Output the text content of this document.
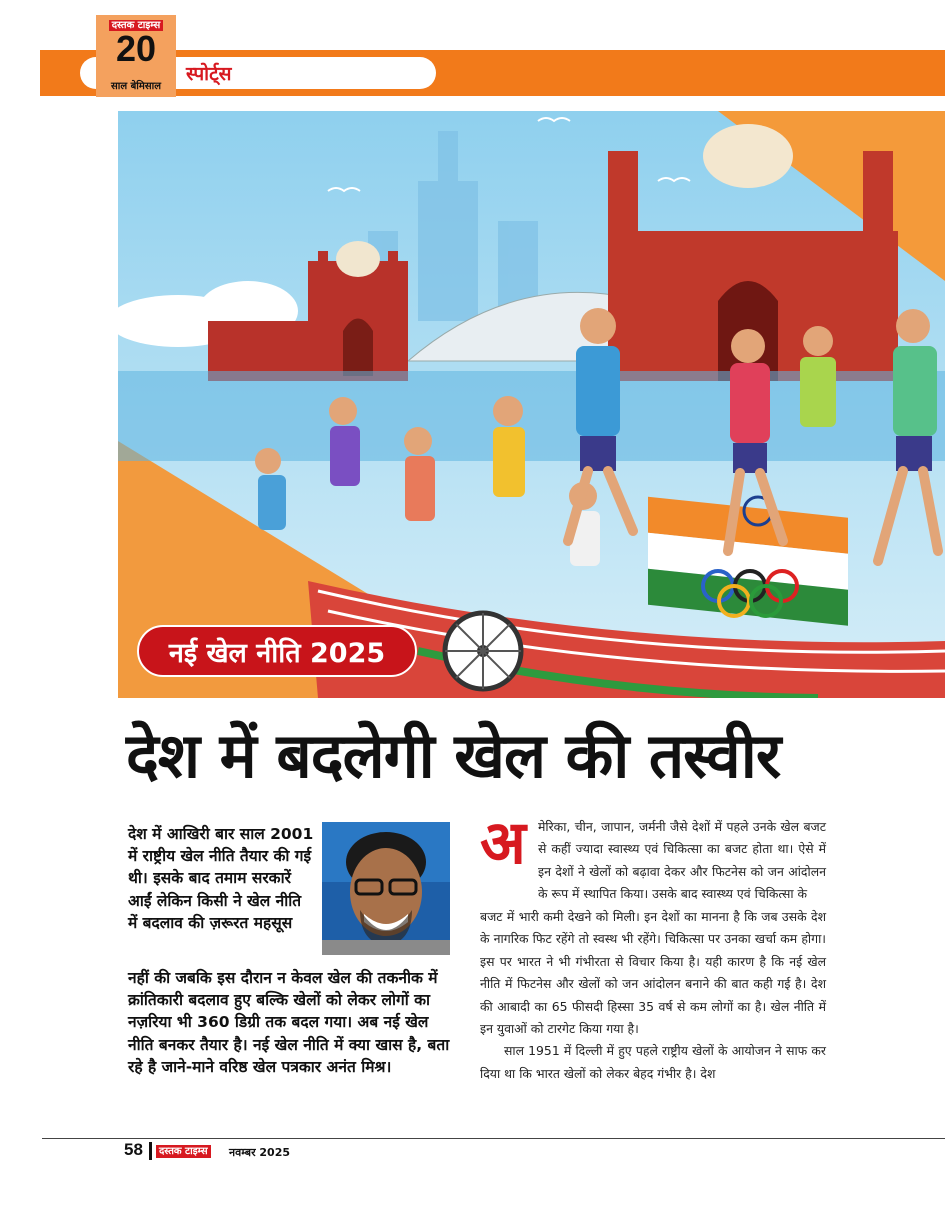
स्पोर्ट्स
दस्तक टाइम्स
20
साल बेमिसाल
नई खेल नीति 2025
देश में बदलेगी खेल की तस्वीर
देश में आखिरी बार साल 2001 में राष्ट्रीय खेल नीति तैयार की गई थी। इसके बाद तमाम सरकारें आईं लेकिन किसी ने खेल नीति में बदलाव की ज़रूरत महसूस
नहीं की जबकि इस दौरान न केवल खेल की तकनीक में क्रांतिकारी बदलाव हुए बल्कि खेलों को लेकर लोगों का नज़रिया भी 360 डिग्री तक बदल गया। अब नई खेल नीति बनकर तैयार है। नई खेल नीति में क्या खास है, बता रहे है जाने-माने वरिष्ठ खेल पत्रकार अनंत मिश्र।
अ मेरिका, चीन, जापान, जर्मनी जैसे देशों में पहले उनके खेल बजट से कहीं ज्यादा स्वास्थ्य एवं चिकित्सा का बजट होता था। ऐसे में इन देशों ने खेलों को बढ़ावा देकर और फिटनेस को जन आंदोलन के रूप में स्थापित किया। उसके बाद स्वास्थ्य एवं चिकित्सा के
बजट में भारी कमी देखने को मिली। इन देशों का मानना है कि जब उसके देश के नागरिक फिट रहेंगे तो स्वस्थ भी रहेंगे। चिकित्सा पर उनका खर्चा कम होगा। इस पर भारत ने भी गंभीरता से विचार किया है। यही कारण है कि नई खेल नीति में फिटनेस और खेलों को जन आंदोलन बनाने की बात कही गई है। देश की आबादी का 65 फीसदी हिस्सा 35 वर्ष से कम लोगों का है। खेल नीति में इन युवाओं को टारगेट किया गया है।
साल 1951 में दिल्ली में हुए पहले राष्ट्रीय खेलों के आयोजन ने साफ कर दिया था कि भारत खेलों को लेकर बेहद गंभीर है। देश
58	दस्तक टाइम्स नवम्बर 2025
